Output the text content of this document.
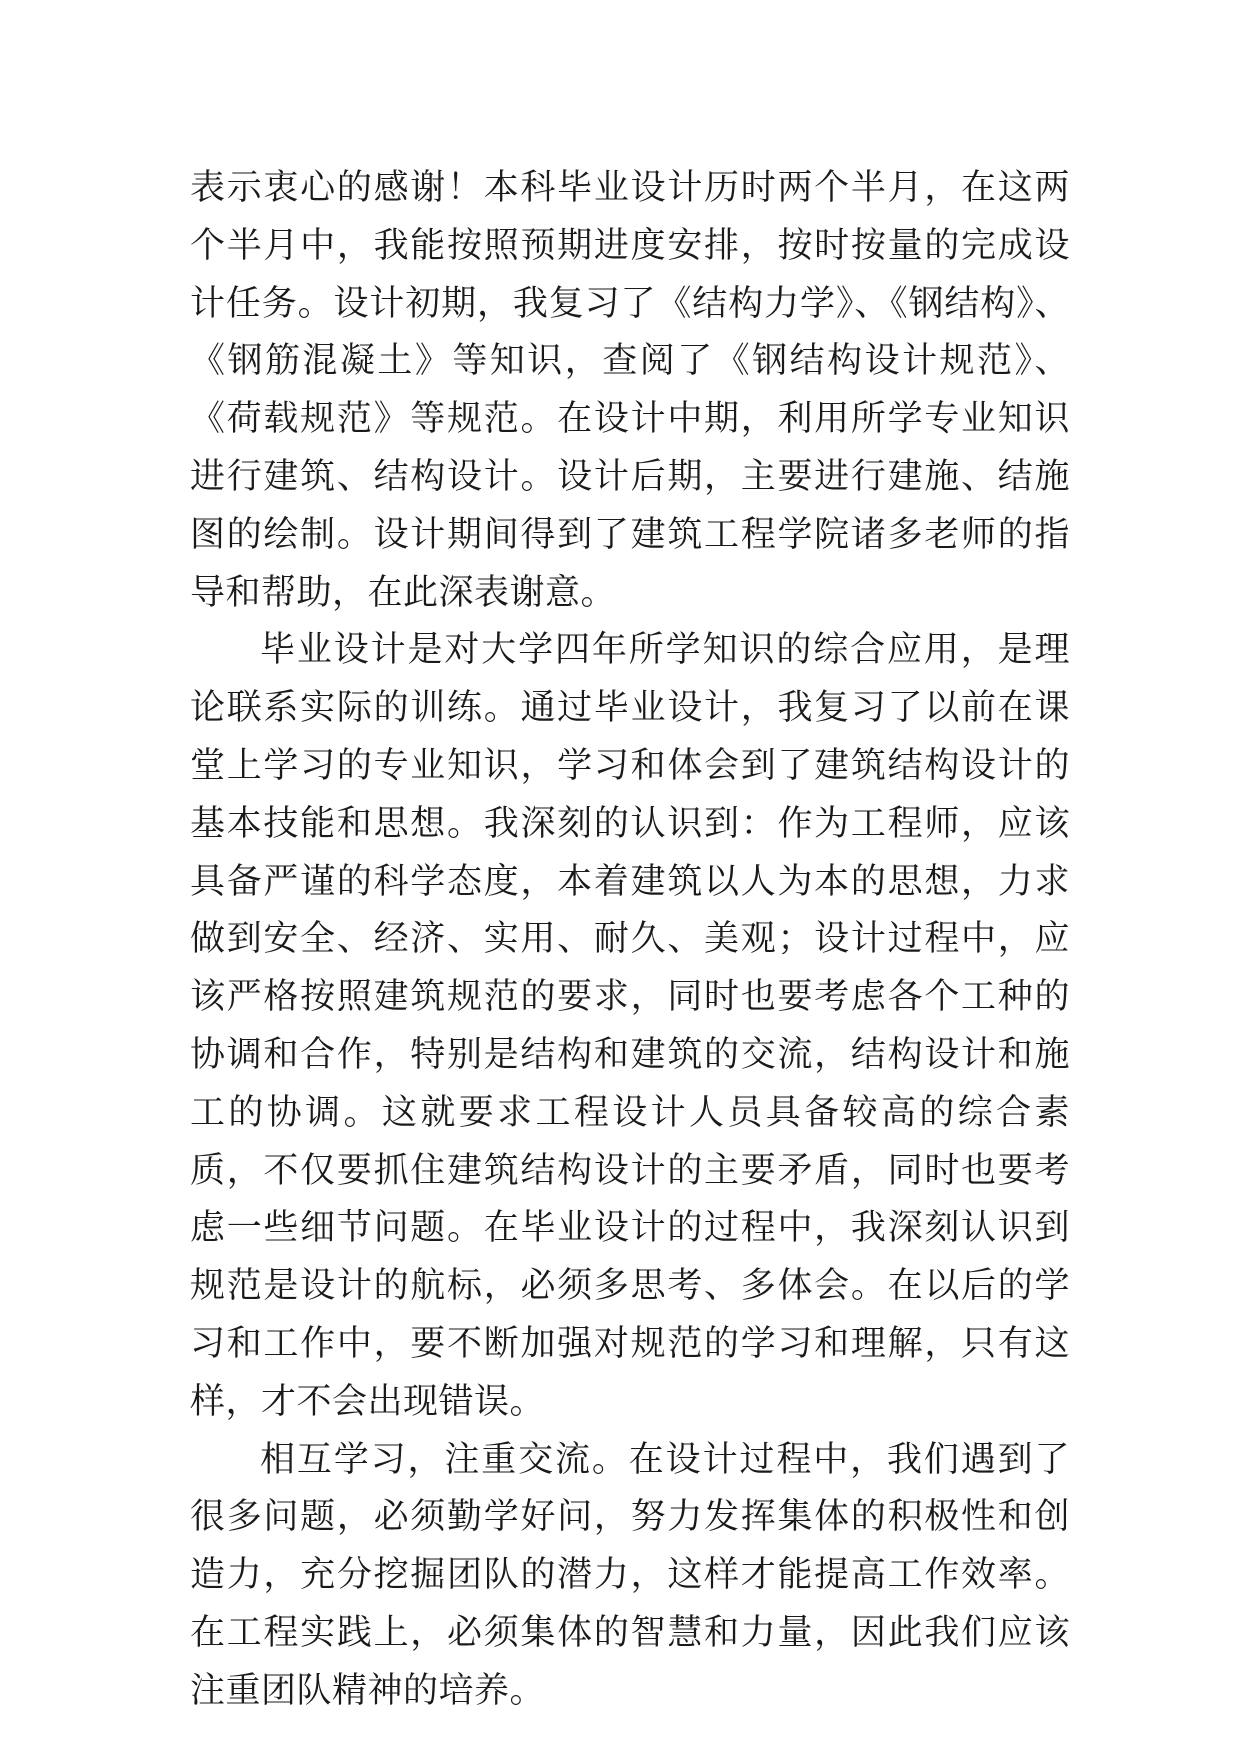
表示衷心的感谢！本科毕业设计历时两个半月，在这两个半月中，我能按照预期进度安排，按时按量的完成设计任务。设计初期，我复习了《结构力学》、《钢结构》、《钢筋混凝土》等知识，查阅了《钢结构设计规范》、《荷载规范》等规范。在设计中期，利用所学专业知识进行建筑、结构设计。设计后期，主要进行建施、结施图的绘制。设计期间得到了建筑工程学院诸多老师的指导和帮助，在此深表谢意。

毕业设计是对大学四年所学知识的综合应用，是理论联系实际的训练。通过毕业设计，我复习了以前在课堂上学习的专业知识，学习和体会到了建筑结构设计的基本技能和思想。我深刻的认识到：作为工程师，应该具备严谨的科学态度，本着建筑以人为本的思想，力求做到安全、经济、实用、耐久、美观；设计过程中，应该严格按照建筑规范的要求，同时也要考虑各个工种的协调和合作，特别是结构和建筑的交流，结构设计和施工的协调。这就要求工程设计人员具备较高的综合素质，不仅要抓住建筑结构设计的主要矛盾，同时也要考虑一些细节问题。在毕业设计的过程中，我深刻认识到规范是设计的航标，必须多思考、多体会。在以后的学习和工作中，要不断加强对规范的学习和理解，只有这样，才不会出现错误。

相互学习，注重交流。在设计过程中，我们遇到了很多问题，必须勤学好问，努力发挥集体的积极性和创造力，充分挖掘团队的潜力，这样才能提高工作效率。在工程实践上，必须集体的智慧和力量，因此我们应该注重团队精神的培养。
